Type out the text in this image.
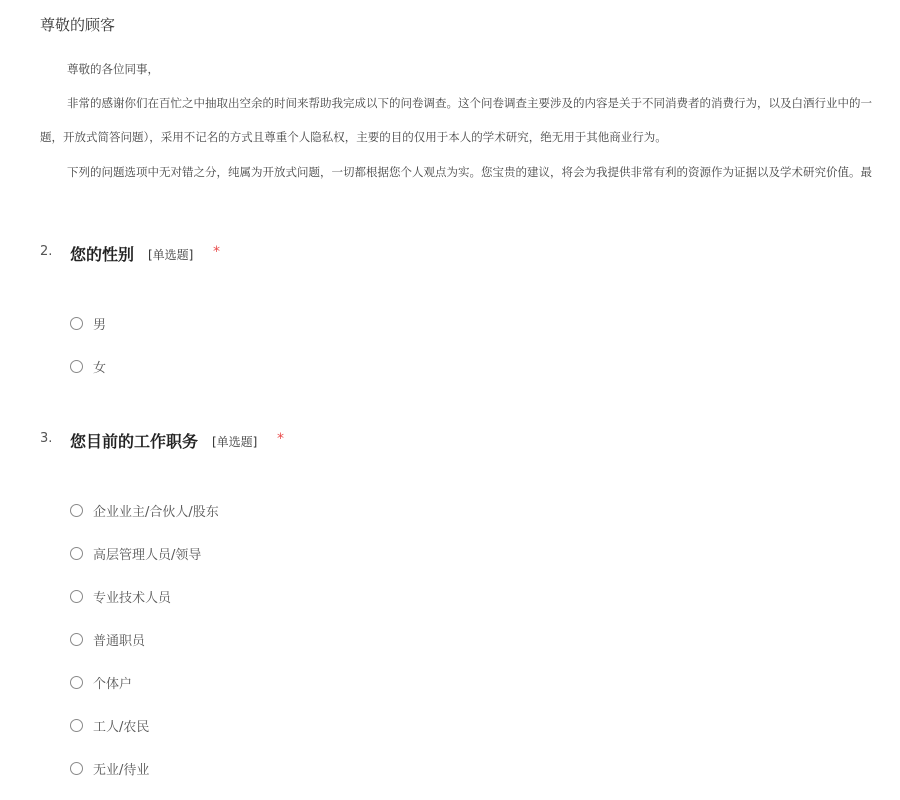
尊敬的顾客

尊敬的各位同事，

非常的感谢你们在百忙之中抽取出空余的时间来帮助我完成以下的问卷调查。这个问卷调查主要涉及的内容是关于不同消费者的消费行为，以及白酒行业中的一

题，开放式简答问题），采用不记名的方式且尊重个人隐私权，主要的目的仅用于本人的学术研究，绝无用于其他商业行为。

下列的问题选项中无对错之分，纯属为开放式问题，一切都根据您个人观点为实。您宝贵的建议，将会为我提供非常有利的资源作为证据以及学术研究价值。最

2. 您的性别 [单选题] *
男
女
3. 您目前的工作职务 [单选题] *
企业业主/合伙人/股东
高层管理人员/领导
专业技术人员
普通职员
个体户
工人/农民
无业/待业
